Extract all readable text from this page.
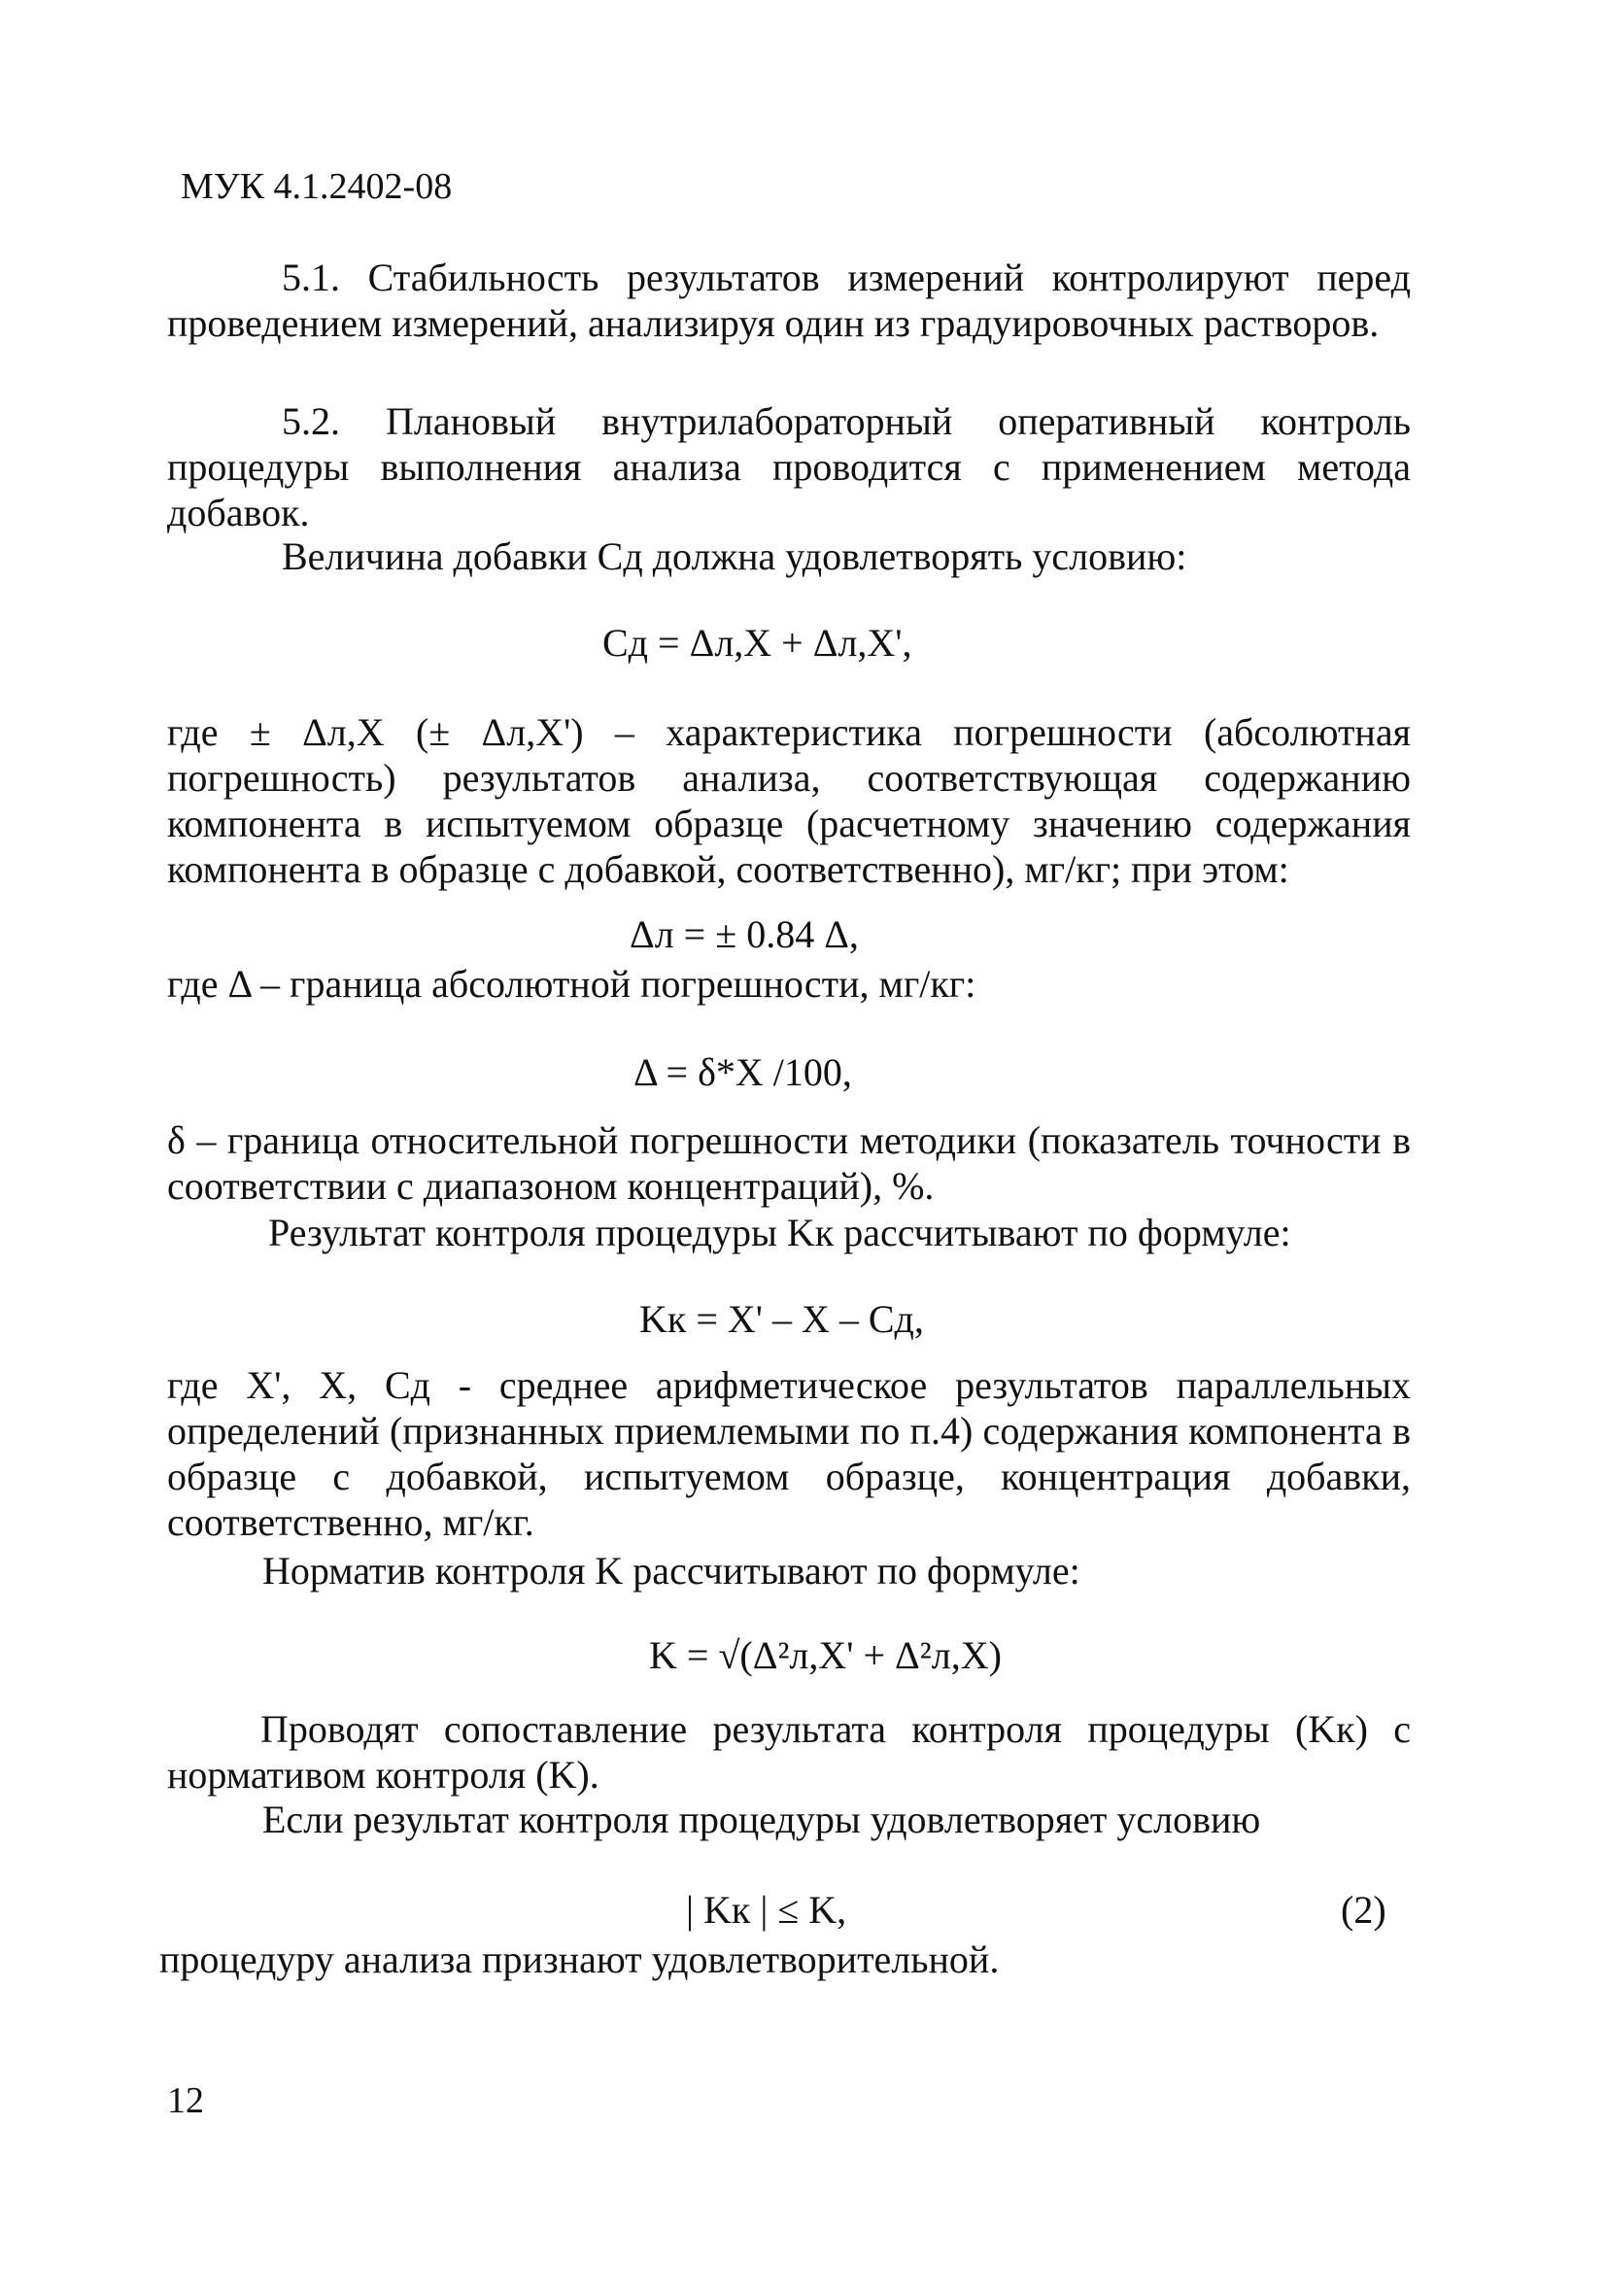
МУК 4.1.2402-08
5.1. Стабильность результатов измерений контролируют перед проведением измерений, анализируя один из градуировочных растворов.
5.2. Плановый внутрилабораторный оперативный контроль процедуры выполнения анализа проводится с применением метода добавок.
Величина добавки Cд должна удовлетворять условию:
Cд = Δл,X + Δл,X',
где ± Δл,X (± Δл,X') – характеристика погрешности (абсолютная погрешность) результатов анализа, соответствующая содержанию компонента в испытуемом образце (расчетному значению содержания компонента в образце с добавкой, соответственно), мг/кг; при этом:
Δл = ± 0.84 Δ,
где Δ – граница абсолютной погрешности, мг/кг:
Δ = δ*X /100,
δ – граница относительной погрешности методики (показатель точности в соответствии с диапазоном концентраций), %.
Результат контроля процедуры Kк рассчитывают по формуле:
Kк = X' – X – Cд,
где X', X, Cд - среднее арифметическое результатов параллельных определений (признанных приемлемыми по п.4) содержания компонента в образце с добавкой, испытуемом образце, концентрация добавки, соответственно, мг/кг.
Норматив контроля K рассчитывают по формуле:
K = √(Δ²л,X' + Δ²л,X)
Проводят сопоставление результата контроля процедуры (Kк) с нормативом контроля (K).
Если результат контроля процедуры удовлетворяет условию
| Kк | ≤ K,	(2)
процедуру анализа признают удовлетворительной.
12
